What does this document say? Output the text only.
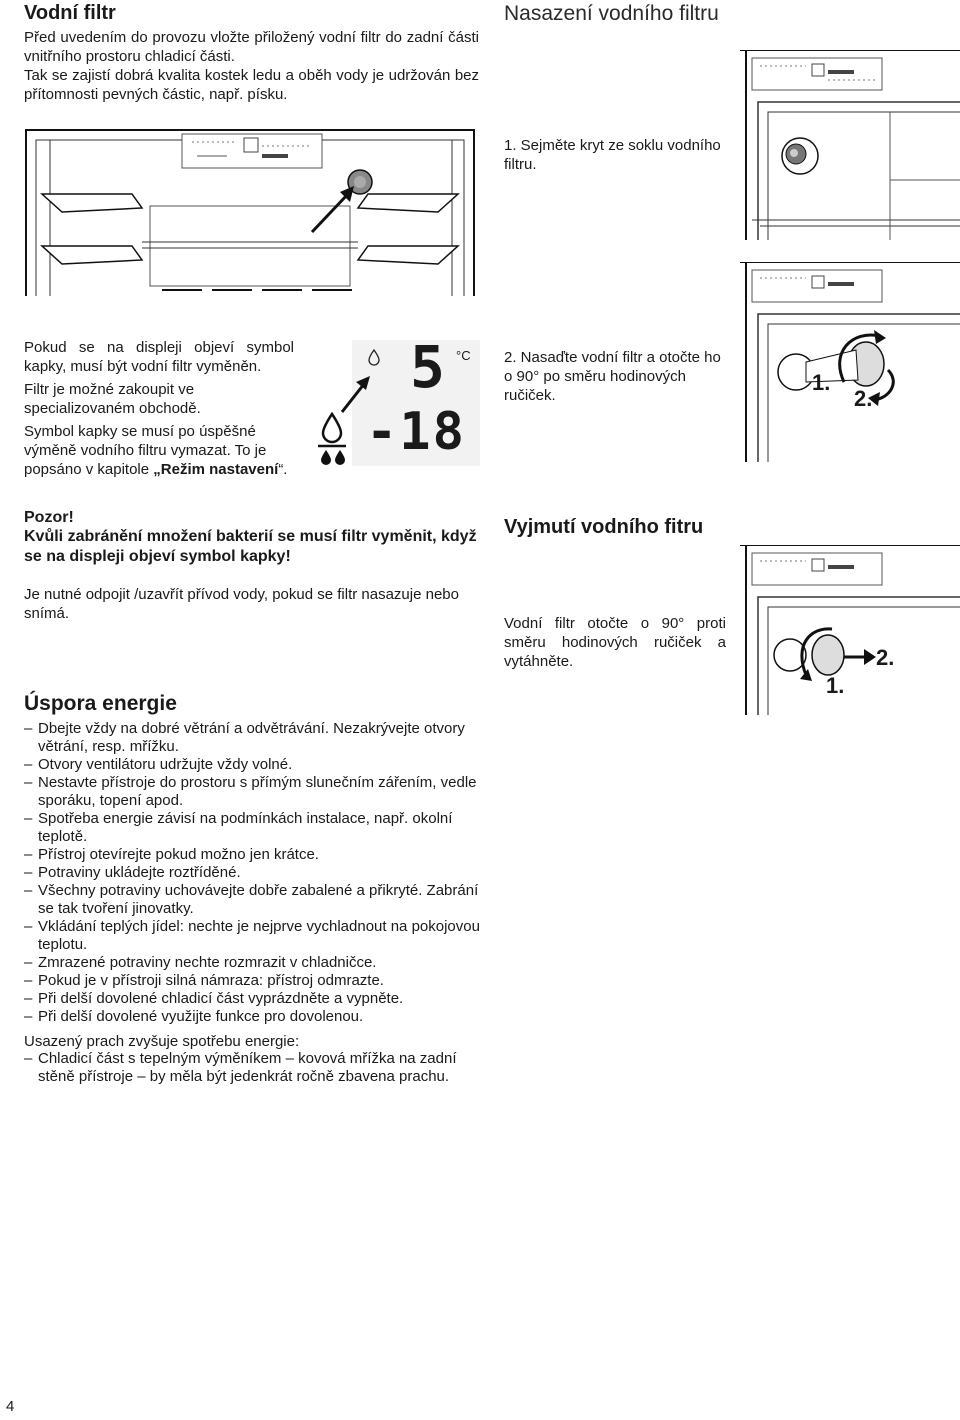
Vodní filtr

Před uvedením do provozu vložte přiložený vodní filtr do zadní části vnitřního prostoru chladicí části.

Tak se zajistí dobrá kvalita kostek ledu a oběh vody je udržován bez přítomnosti pevných částic, např. písku.

Pokud se na displeji objeví symbol kapky, musí být vodní filtr vyměněn.

Filtr je možné zakoupit ve specializovaném obchodě.

Symbol kapky se musí po úspěšné výměně vodního filtru vymazat. To je popsáno v kapitole „Režim nastavení“.

5 °C
-18

Pozor!

Kvůli zabránění množení bakterií se musí filtr vyměnit, když se na displeji objeví symbol kapky!

Je nutné odpojit /uzavřít přívod vody, pokud se filtr nasazuje nebo snímá.

Úspora energie
– Dbejte vždy na dobré větrání a odvětrávání. Nezakrývejte otvory větrání, resp. mřížku.
– Otvory ventilátoru udržujte vždy volné.
– Nestavte přístroje do prostoru s přímým slunečním zářením, vedle sporáku, topení apod.
– Spotřeba energie závisí na podmínkách instalace, např. okolní teplotě.
– Přístroj otevírejte pokud možno jen krátce.
– Potraviny ukládejte roztříděné.
– Všechny potraviny uchovávejte dobře zabalené a přikryté. Zabrání se tak tvoření jinovatky.
– Vkládání teplých jídel: nechte je nejprve vychladnout na pokojovou teplotu.
– Zmrazené potraviny nechte rozmrazit v chladničce.
– Pokud je v přístroji silná námraza: přístroj odmrazte.
– Při delší dovolené chladicí část vyprázdněte a vypněte.
– Při delší dovolené využijte funkce pro dovolenou.

Usazený prach zvyšuje spotřebu energie:

– Chladicí část s tepelným výměníkem – kovová mřížka na zadní stěně přístroje – by měla být jedenkrát ročně zbavena prachu.
Nasazení vodního filtru

1. Sejměte kryt ze soklu vodního filtru.

1.
2.

2. Nasaďte vodní filtr a otočte ho o 90° po směru hodinových ručiček.

Vyjmutí vodního fitru

Vodní filtr otočte o 90° proti směru hodinových ručiček a vytáhněte.

1.
2.
4
